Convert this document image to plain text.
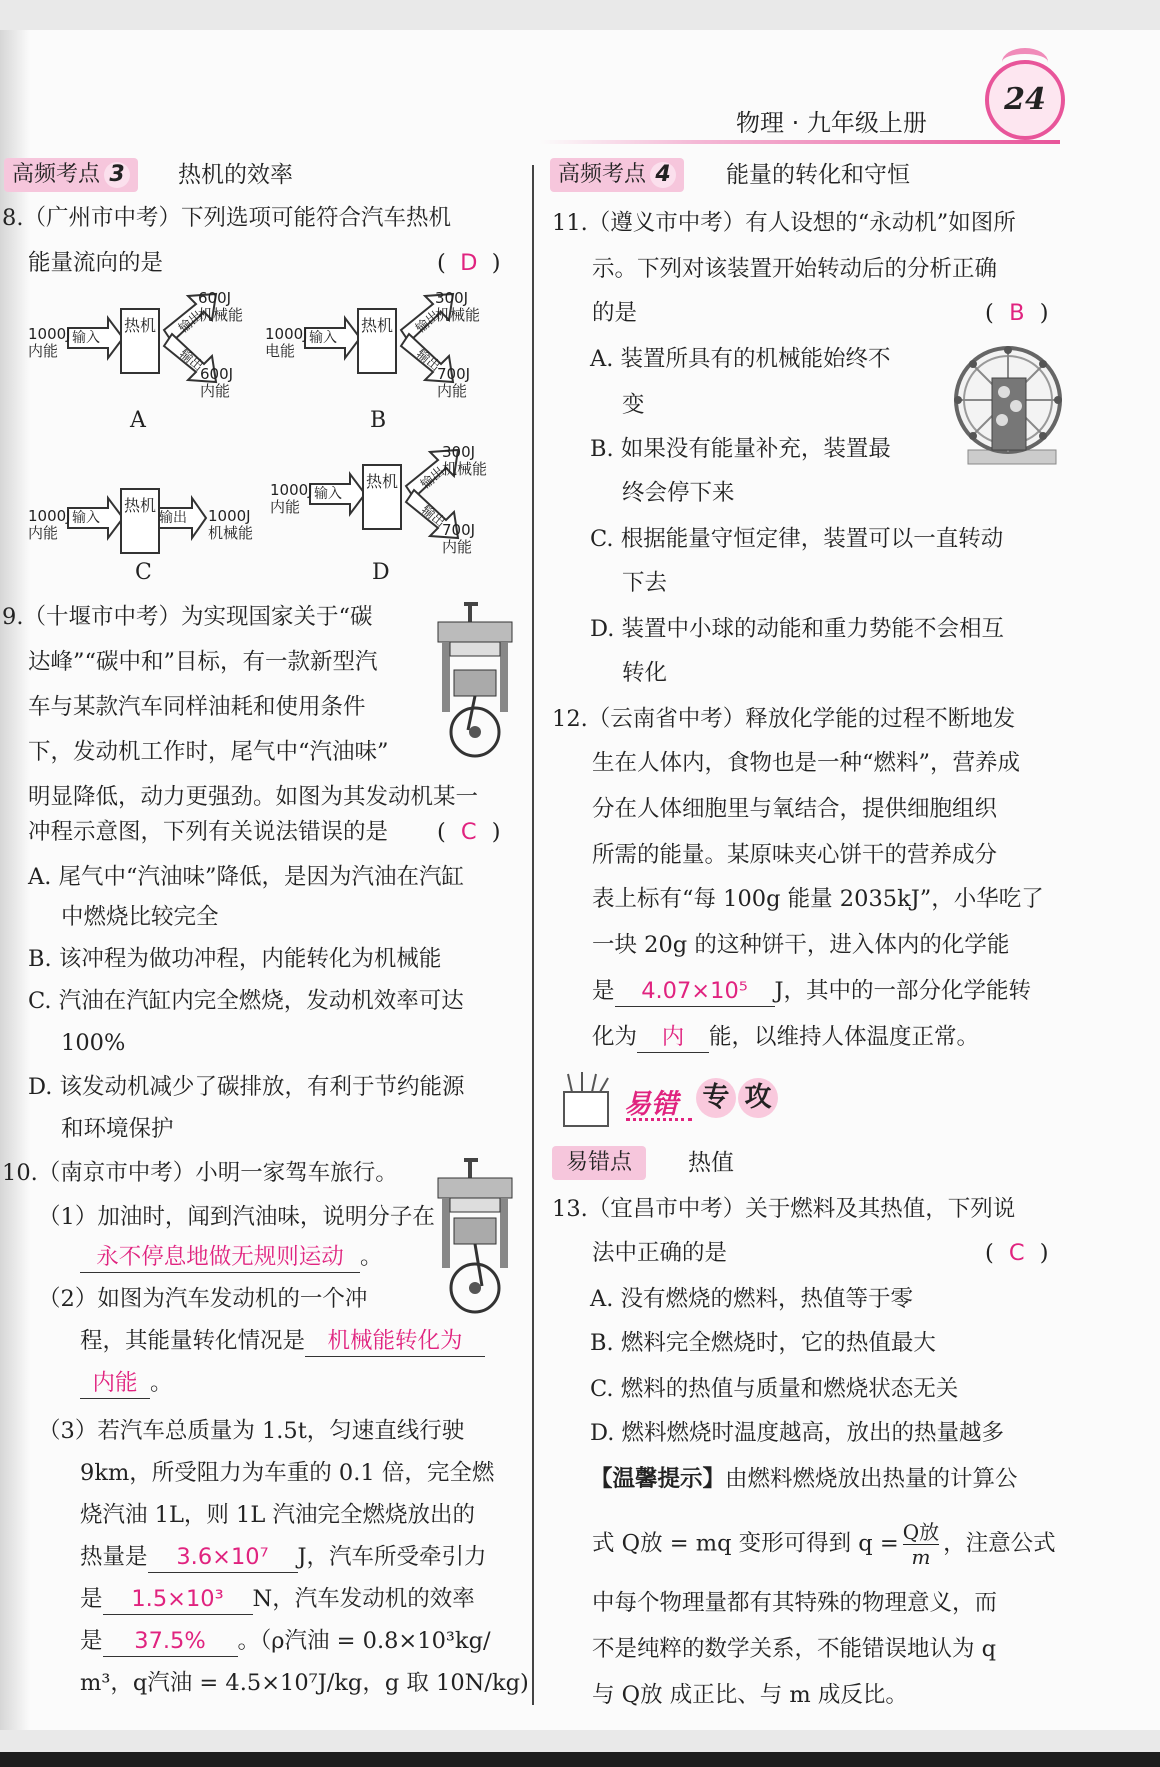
物理 · 九年级上册
24
高频考点 3	热机的效率
8.（广州市中考）下列选项可能符合汽车热机
能量流向的是	( D )
热机
输入
1000J
内能
600J
机械能
600J
内能
输出
输出
A
热机
输入
1000J
电能
300J
机械能
700J
内能
输出
输出
B
热机
输入	输出
1000J
内能
1000J
机械能
C
热机
输入
1000J
内能
300J
机械能
700J
内能
输出
输出
D
9.（十堰市中考）为实现国家关于“碳
达峰”“碳中和”目标，有一款新型汽
车与某款汽车同样油耗和使用条件
下，发动机工作时，尾气中“汽油味”
明显降低，动力更强劲。如图为其发动机某一
冲程示意图，下列有关说法错误的是 ( C )
A. 尾气中“汽油味”降低，是因为汽油在汽缸
中燃烧比较完全
B. 该冲程为做功冲程，内能转化为机械能
C. 汽油在汽缸内完全燃烧，发动机效率可达
100%
D. 该发动机减少了碳排放，有利于节约能源
和环境保护
10.（南京市中考）小明一家驾车旅行。
（1）加油时，闻到汽油味，说明分子在
永不停息地做无规则运动 。
（2）如图为汽车发动机的一个冲
程，其能量转化情况是 机械能转化为
内能 。
（3）若汽车总质量为 1.5t，匀速直线行驶
9km，所受阻力为车重的 0.1 倍，完全燃
烧汽油 1L，则 1L 汽油完全燃烧放出的
热量是 3.6×10⁷ J，汽车所受牵引力
是 1.5×10³ N，汽车发动机的效率
是 37.5% 。（ρ汽油 = 0.8×10³kg/
m³，q汽油 = 4.5×10⁷J/kg，g 取 10N/kg)
高频考点 4	能量的转化和守恒
11.（遵义市中考）有人设想的“永动机”如图所
示。下列对该装置开始转动后的分析正确
的是	( B )
A. 装置所具有的机械能始终不
变
B. 如果没有能量补充，装置最
终会停下来
C. 根据能量守恒定律，装置可以一直转动
下去
D. 装置中小球的动能和重力势能不会相互
转化
12.（云南省中考）释放化学能的过程不断地发
生在人体内，食物也是一种“燃料”，营养成
分在人体细胞里与氧结合，提供细胞组织
所需的能量。某原味夹心饼干的营养成分
表上标有“每 100g 能量 2035kJ”，小华吃了
一块 20g 的这种饼干，进入体内的化学能
是 4.07×10⁵ J，其中的一部分化学能转
化为 内 能，以维持人体温度正常。
易错 专 攻
易错点	热值
13.（宜昌市中考）关于燃料及其热值，下列说
法中正确的是	( C )
A. 没有燃烧的燃料，热值等于零
B. 燃料完全燃烧时，它的热值最大
C. 燃料的热值与质量和燃烧状态无关
D. 燃料燃烧时温度越高，放出的热量越多
【温馨提示】由燃料燃烧放出热量的计算公
式 Q放 = mq 变形可得到 q = Q放
m
，注意公式
中每个物理量都有其特殊的物理意义，而
不是纯粹的数学关系，不能错误地认为 q
与 Q放 成正比、与 m 成反比。
